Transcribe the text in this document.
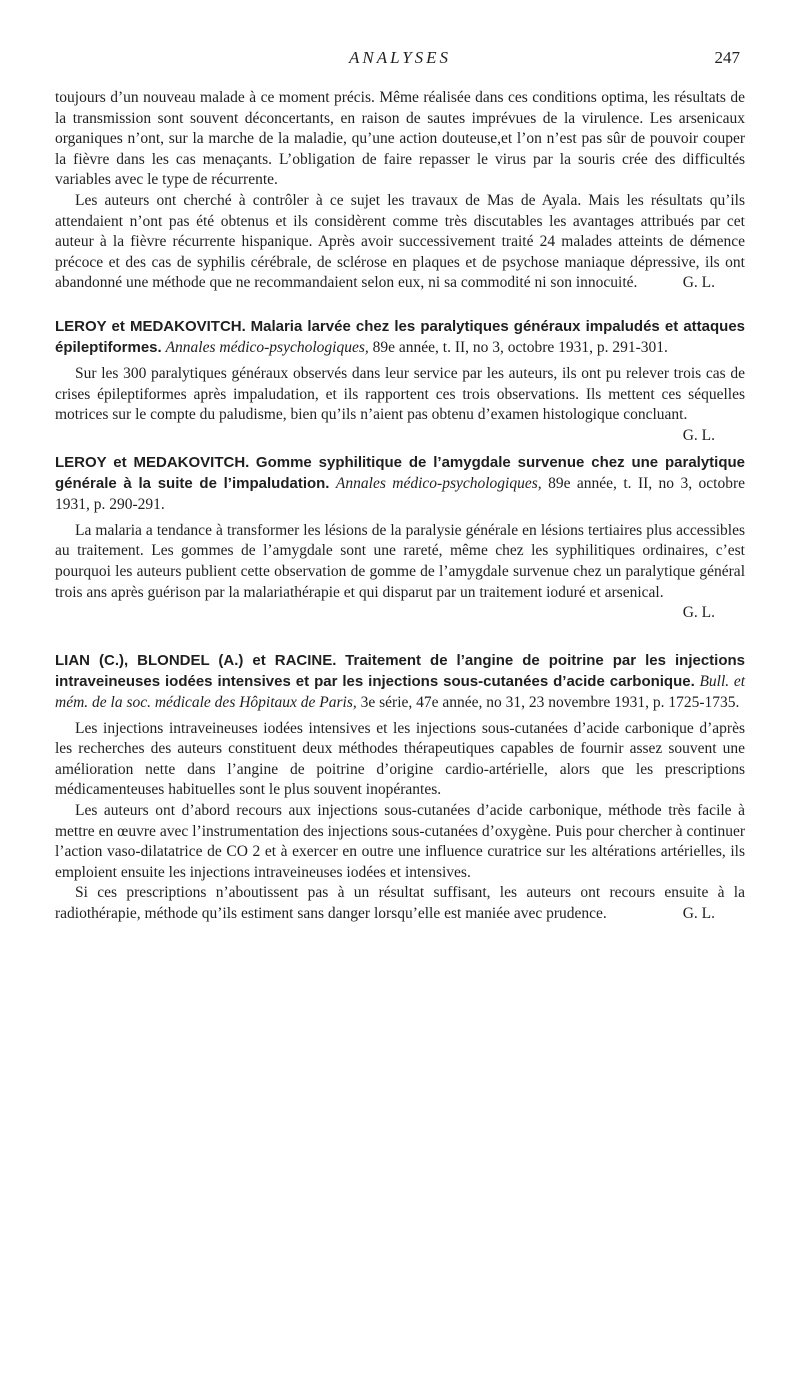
ANALYSES	247

toujours d’un nouveau malade à ce moment précis. Même réalisée dans ces conditions optima, les résultats de la transmission sont souvent déconcertants, en raison de sautes imprévues de la virulence. Les arsenicaux organiques n’ont, sur la marche de la maladie, qu’une action douteuse,et l’on n’est pas sûr de pouvoir couper la fièvre dans les cas menaçants. L’obligation de faire repasser le virus par la souris crée des difficultés variables avec le type de récurrente.

Les auteurs ont cherché à contrôler à ce sujet les travaux de Mas de Ayala. Mais les résultats qu’ils attendaient n’ont pas été obtenus et ils considèrent comme très discutables les avantages attribués par cet auteur à la fièvre récurrente hispanique. Après avoir successivement traité 24 malades atteints de démence précoce et des cas de syphilis cérébrale, de sclérose en plaques et de psychose maniaque dépressive, ils ont abandonné une méthode que ne recommandaient selon eux, ni sa commodité ni son innocuité.	G. L.

LEROY et MEDAKOVITCH. Malaria larvée chez les paralytiques généraux impaludés et attaques épileptiformes. Annales médico-psychologiques, 89e année, t. II, no 3, octobre 1931, p. 291-301.

Sur les 300 paralytiques généraux observés dans leur service par les auteurs, ils ont pu relever trois cas de crises épileptiformes après impaludation, et ils rapportent ces trois observations. Ils mettent ces séquelles motrices sur le compte du paludisme, bien qu’ils n’aient pas obtenu d’examen histologique concluant.
G. L.

LEROY et MEDAKOVITCH. Gomme syphilitique de l’amygdale survenue chez une paralytique générale à la suite de l’impaludation. Annales médico-psychologiques, 89e année, t. II, no 3, octobre 1931, p. 290-291.

La malaria a tendance à transformer les lésions de la paralysie générale en lésions tertiaires plus accessibles au traitement. Les gommes de l’amygdale sont une rareté, même chez les syphilitiques ordinaires, c’est pourquoi les auteurs publient cette observation de gomme de l’amygdale survenue chez un paralytique général trois ans après guérison par la malariathérapie et qui disparut par un traitement ioduré et arsenical.

G. L.

LIAN (C.), BLONDEL (A.) et RACINE. Traitement de l’angine de poitrine par les injections intraveineuses iodées intensives et par les injections sous-cutanées d’acide carbonique. Bull. et mém. de la soc. médicale des Hôpitaux de Paris, 3e série, 47e année, no 31, 23 novembre 1931, p. 1725-1735.

Les injections intraveineuses iodées intensives et les injections sous-cutanées d’acide carbonique d’après les recherches des auteurs constituent deux méthodes thérapeutiques capables de fournir assez souvent une amélioration nette dans l’angine de poitrine d’origine cardio-artérielle, alors que les prescriptions médicamenteuses habituelles sont le plus souvent inopérantes.

Les auteurs ont d’abord recours aux injections sous-cutanées d’acide carbonique, méthode très facile à mettre en œuvre avec l’instrumentation des injections sous-cutanées d’oxygène. Puis pour chercher à continuer l’action vaso-dilatatrice de CO 2 et à exercer en outre une influence curatrice sur les altérations artérielles, ils emploient ensuite les injections intraveineuses iodées et intensives.

Si ces prescriptions n’aboutissent pas à un résultat suffisant, les auteurs ont recours ensuite à la radiothérapie, méthode qu’ils estiment sans danger lorsqu’elle est maniée avec prudence.	G. L.
